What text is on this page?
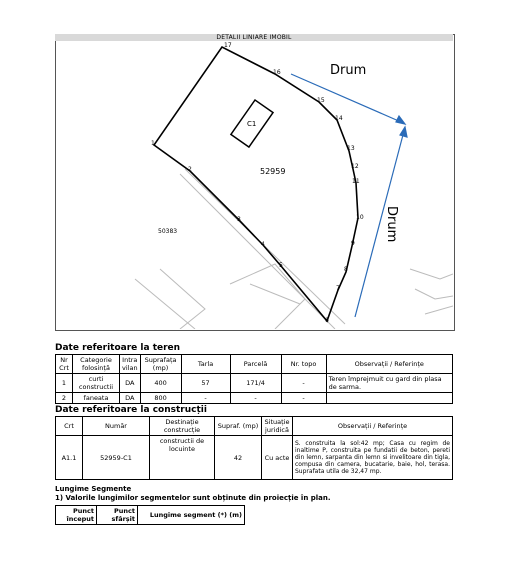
DETALII LINIARE IMOBIL
1
2
3
4
5
6
7
8
9
10
11
12
13
14
15
16
17
Drum
Drum
52959
C1
50383
Date referitoare la teren
Nr Crt	Categorie folosință	Intra vilan	Suprafața (mp)	Tarla	Parcelă	Nr. topo	Observații / Referințe
1	curti constructii	DA	400	57	171/4	-	Teren împrejmuit cu gard din plasa de sarma.
2	faneata	DA	800	-	-	-	
Date referitoare la construcții
Crt	Număr	Destinație construcție	Supraf. (mp)	Situație juridică	Observații / Referințe
A1.1	52959-C1	constructii de locuinte	42	Cu acte	S. construita la sol:42 mp; Casa cu regim de inaltime P, construita pe fundatii de beton, pereti din lemn, sarpanta din lemn si invelitoare din tigla, compusa din camera, bucatarie, baie, hol, terasa. Suprafata utila de 32,47 mp.
Lungime Segmente
1) Valorile lungimilor segmentelor sunt obținute din proiecție în plan.
Punct început	Punct sfârșit	Lungime segment (*) (m)
